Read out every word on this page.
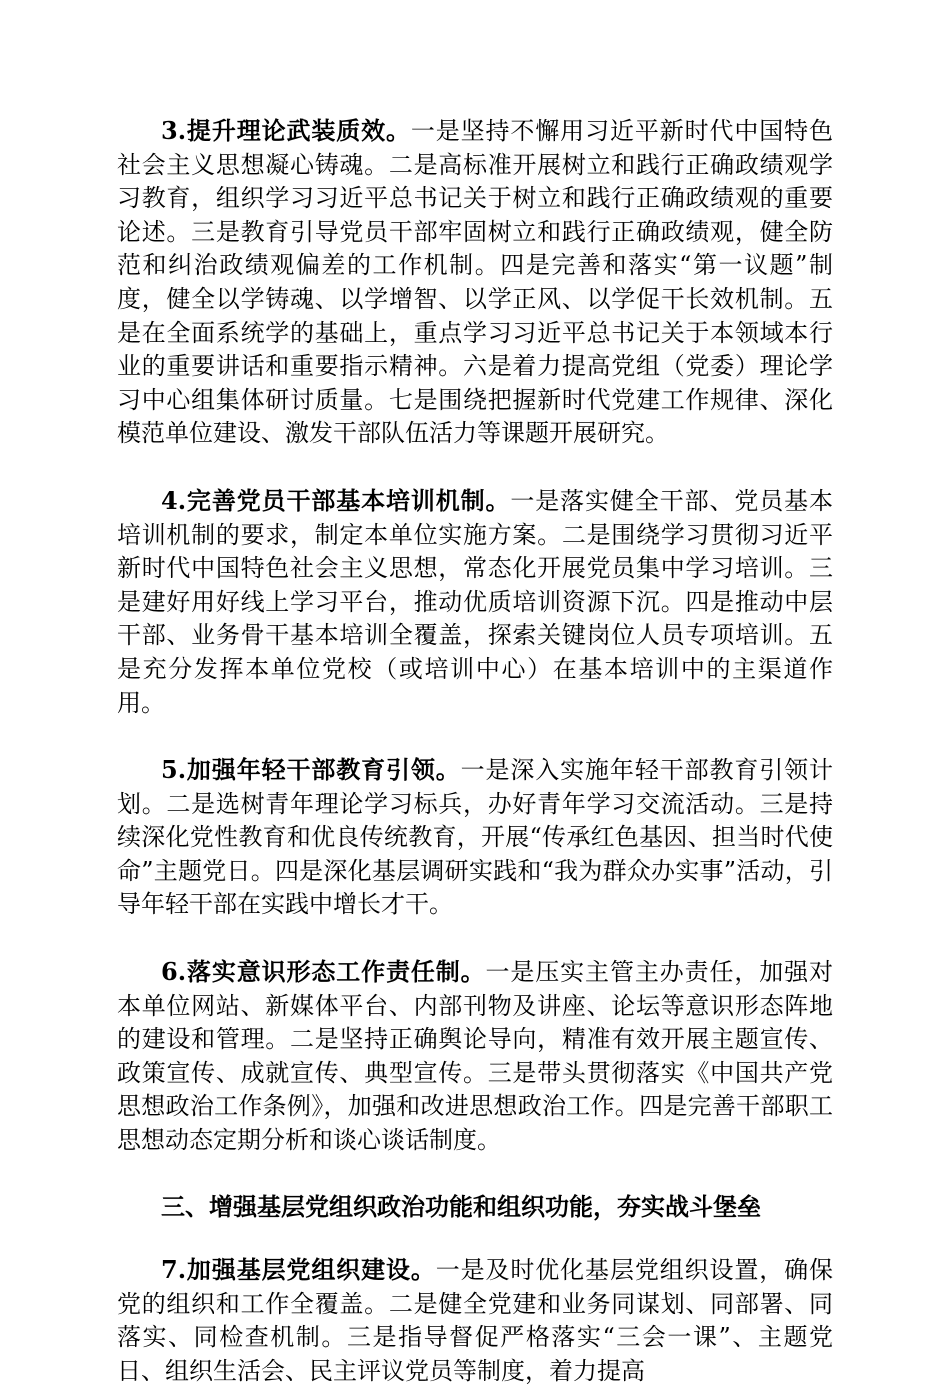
3.提升理论武装质效。一是坚持不懈用习近平新时代中国特色社会主义思想凝心铸魂。二是高标准开展树立和践行正确政绩观学习教育，组织学习习近平总书记关于树立和践行正确政绩观的重要论述。三是教育引导党员干部牢固树立和践行正确政绩观，健全防范和纠治政绩观偏差的工作机制。四是完善和落实“第一议题”制度，健全以学铸魂、以学增智、以学正风、以学促干长效机制。五是在全面系统学的基础上，重点学习习近平总书记关于本领域本行业的重要讲话和重要指示精神。六是着力提高党组（党委）理论学习中心组集体研讨质量。七是围绕把握新时代党建工作规律、深化模范单位建设、激发干部队伍活力等课题开展研究。

4.完善党员干部基本培训机制。一是落实健全干部、党员基本培训机制的要求，制定本单位实施方案。二是围绕学习贯彻习近平新时代中国特色社会主义思想，常态化开展党员集中学习培训。三是建好用好线上学习平台，推动优质培训资源下沉。四是推动中层干部、业务骨干基本培训全覆盖，探索关键岗位人员专项培训。五是充分发挥本单位党校（或培训中心）在基本培训中的主渠道作用。

5.加强年轻干部教育引领。一是深入实施年轻干部教育引领计划。二是选树青年理论学习标兵，办好青年学习交流活动。三是持续深化党性教育和优良传统教育，开展“传承红色基因、担当时代使命”主题党日。四是深化基层调研实践和“我为群众办实事”活动，引导年轻干部在实践中增长才干。

6.落实意识形态工作责任制。一是压实主管主办责任，加强对本单位网站、新媒体平台、内部刊物及讲座、论坛等意识形态阵地的建设和管理。二是坚持正确舆论导向，精准有效开展主题宣传、政策宣传、成就宣传、典型宣传。三是带头贯彻落实《中国共产党思想政治工作条例》，加强和改进思想政治工作。四是完善干部职工思想动态定期分析和谈心谈话制度。

三、增强基层党组织政治功能和组织功能，夯实战斗堡垒

7.加强基层党组织建设。一是及时优化基层党组织设置，确保党的组织和工作全覆盖。二是健全党建和业务同谋划、同部署、同落实、同检查机制。三是指导督促严格落实“三会一课”、主题党日、组织生活会、民主评议党员等制度，着力提高
